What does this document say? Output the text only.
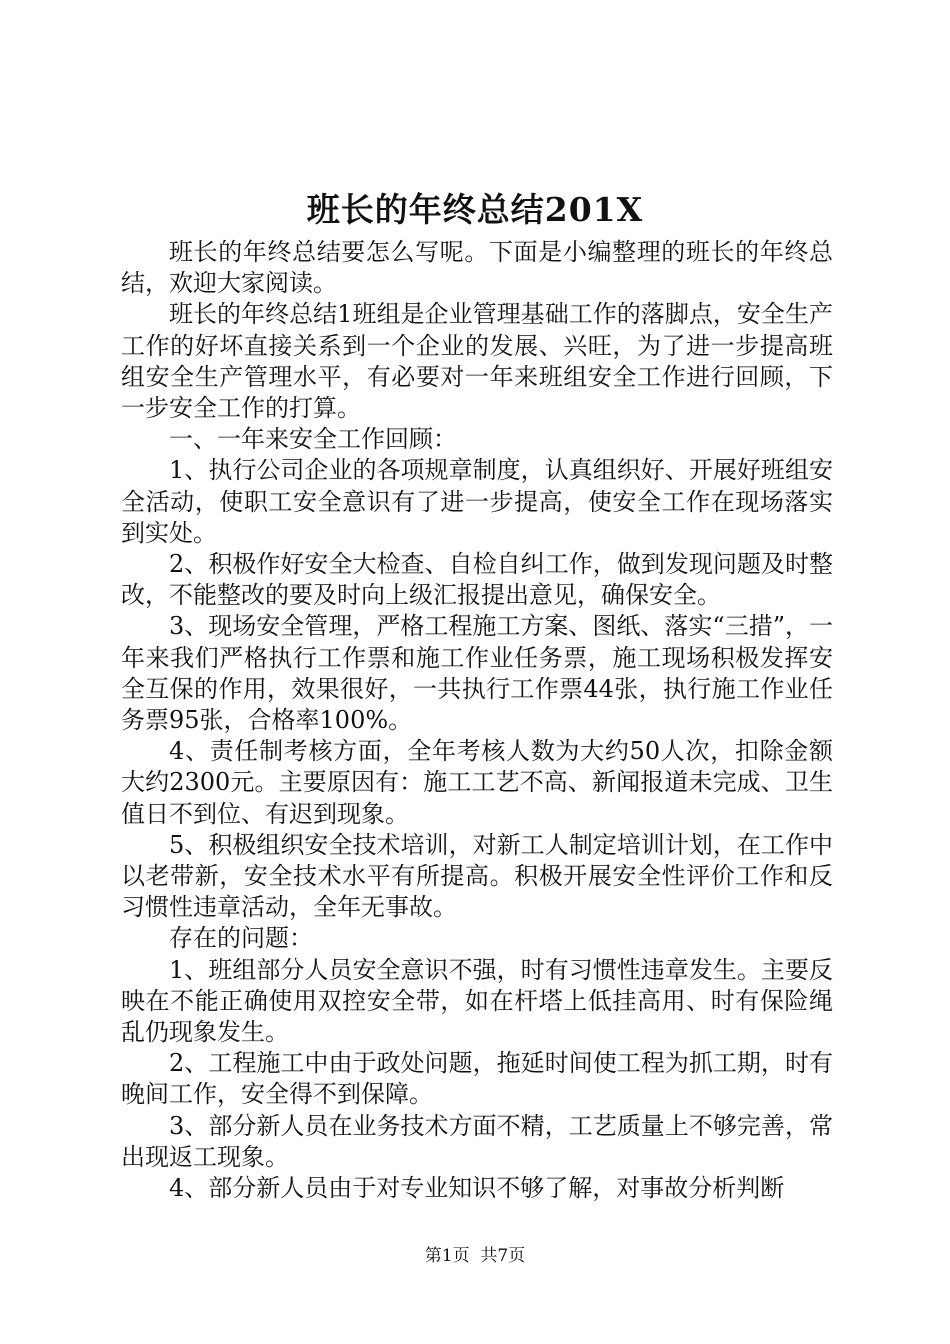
班长的年终总结201X

班长的年终总结要怎么写呢。下面是小编整理的班长的年终总结，欢迎大家阅读。

班长的年终总结1班组是企业管理基础工作的落脚点，安全生产工作的好坏直接关系到一个企业的发展、兴旺，为了进一步提高班组安全生产管理水平，有必要对一年来班组安全工作进行回顾，下一步安全工作的打算。

一、一年来安全工作回顾：

1、执行公司企业的各项规章制度，认真组织好、开展好班组安全活动，使职工安全意识有了进一步提高，使安全工作在现场落实到实处。

2、积极作好安全大检查、自检自纠工作，做到发现问题及时整改，不能整改的要及时向上级汇报提出意见，确保安全。

3、现场安全管理，严格工程施工方案、图纸、落实“三措”，一年来我们严格执行工作票和施工作业任务票，施工现场积极发挥安全互保的作用，效果很好，一共执行工作票44张，执行施工作业任务票95张，合格率100%。

4、责任制考核方面，全年考核人数为大约50人次，扣除金额大约2300元。主要原因有：施工工艺不高、新闻报道未完成、卫生值日不到位、有迟到现象。

5、积极组织安全技术培训，对新工人制定培训计划，在工作中以老带新，安全技术水平有所提高。积极开展安全性评价工作和反习惯性违章活动，全年无事故。

存在的问题：

1、班组部分人员安全意识不强，时有习惯性违章发生。主要反映在不能正确使用双控安全带，如在杆塔上低挂高用、时有保险绳乱仍现象发生。

2、工程施工中由于政处问题，拖延时间使工程为抓工期，时有晚间工作，安全得不到保障。

3、部分新人员在业务技术方面不精，工艺质量上不够完善，常出现返工现象。

4、部分新人员由于对专业知识不够了解，对事故分析判断

第1页 共7页
